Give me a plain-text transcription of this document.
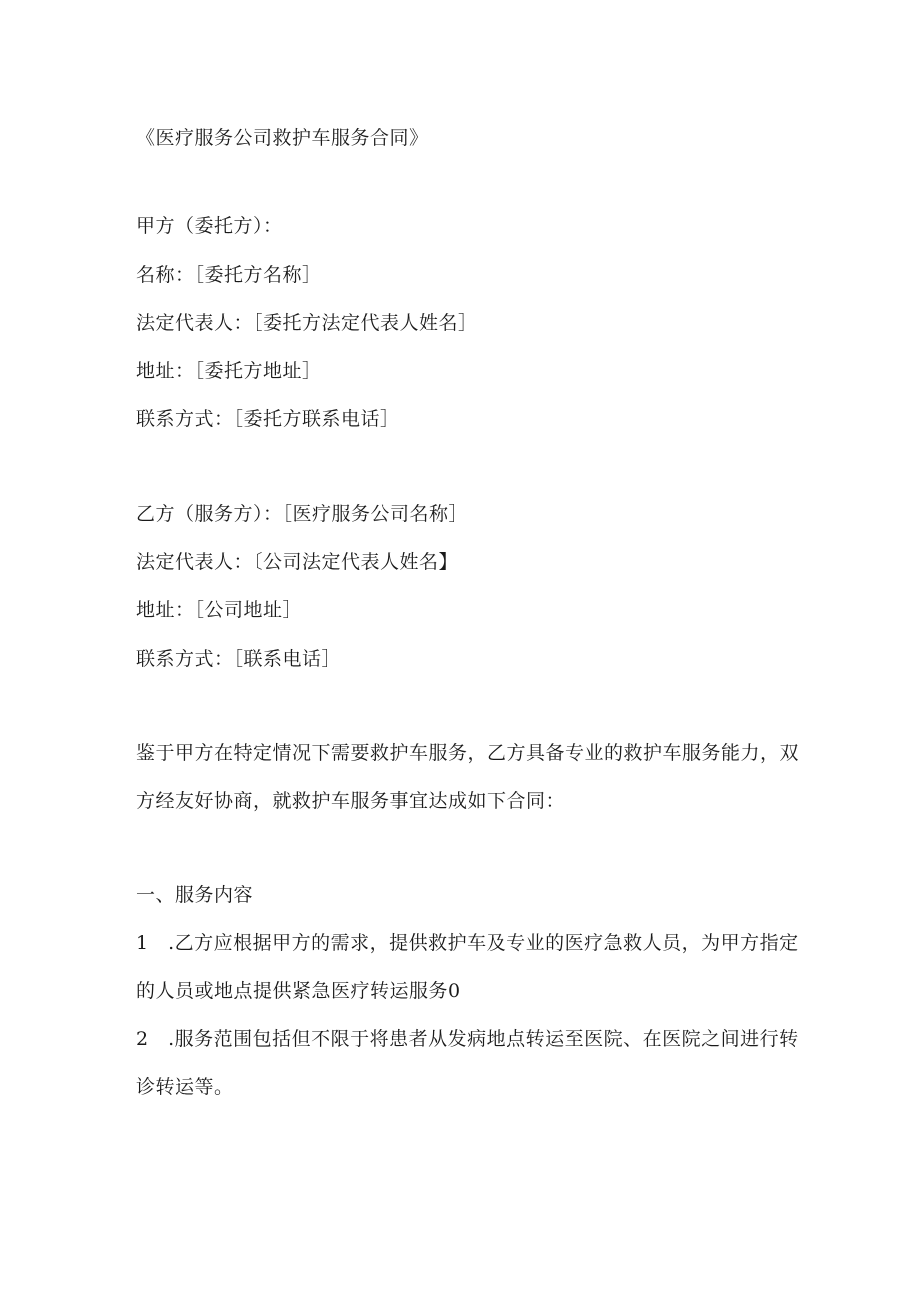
《医疗服务公司救护车服务合同》
甲方（委托方）：
名称：［委托方名称］
法定代表人：［委托方法定代表人姓名］
地址：［委托方地址］
联系方式：［委托方联系电话］
乙方（服务方）：［医疗服务公司名称］
法定代表人：〔公司法定代表人姓名】
地址：［公司地址］
联系方式：［联系电话］
鉴于甲方在特定情况下需要救护车服务，乙方具备专业的救护车服务能力，双
方经友好协商，就救护车服务事宜达成如下合同：
一、服务内容
1　.乙方应根据甲方的需求，提供救护车及专业的医疗急救人员，为甲方指定
的人员或地点提供紧急医疗转运服务0
2　.服务范围包括但不限于将患者从发病地点转运至医院、在医院之间进行转
诊转运等。
